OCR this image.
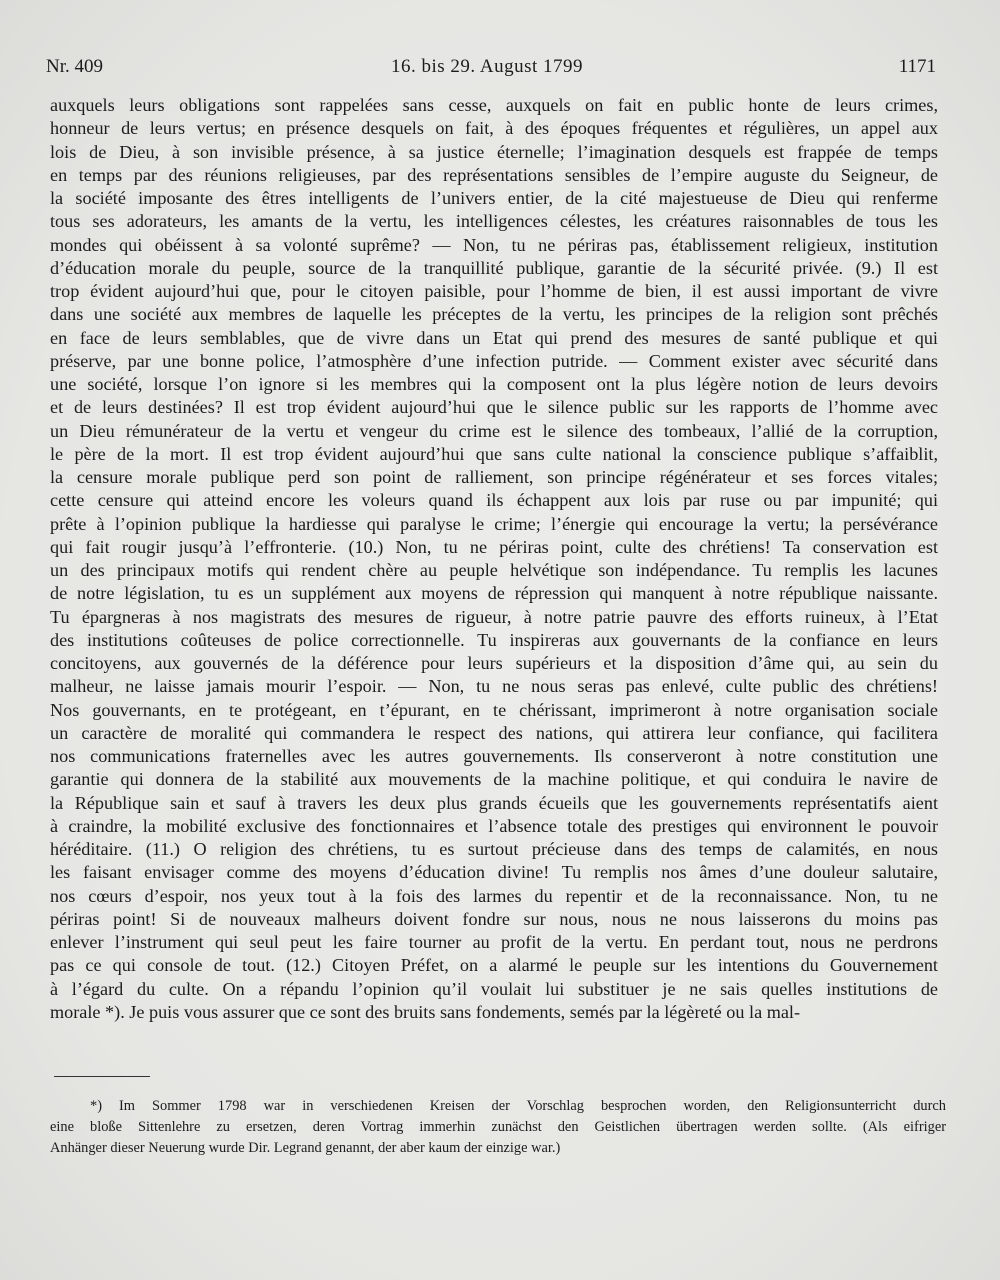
Nr. 409	16. bis 29. August 1799	1171
auxquels leurs obligations sont rappelées sans cesse, auxquels on fait en public honte de leurs crimes,
honneur de leurs vertus; en présence desquels on fait, à des époques fréquentes et régulières, un appel aux
lois de Dieu, à son invisible présence, à sa justice éternelle; l’imagination desquels est frappée de temps
en temps par des réunions religieuses, par des représentations sensibles de l’empire auguste du Seigneur, de
la société imposante des êtres intelligents de l’univers entier, de la cité majestueuse de Dieu qui renferme
tous ses adorateurs, les amants de la vertu, les intelligences célestes, les créatures raisonnables de tous les
mondes qui obéissent à sa volonté suprême? — Non, tu ne périras pas, établissement religieux, institution
d’éducation morale du peuple, source de la tranquillité publique, garantie de la sécurité privée. (9.) Il est
trop évident aujourd’hui que, pour le citoyen paisible, pour l’homme de bien, il est aussi important de vivre
dans une société aux membres de laquelle les préceptes de la vertu, les principes de la religion sont prêchés
en face de leurs semblables, que de vivre dans un Etat qui prend des mesures de santé publique et qui
préserve, par une bonne police, l’atmosphère d’une infection putride. — Comment exister avec sécurité dans
une société, lorsque l’on ignore si les membres qui la composent ont la plus légère notion de leurs devoirs
et de leurs destinées? Il est trop évident aujourd’hui que le silence public sur les rapports de l’homme avec
un Dieu rémunérateur de la vertu et vengeur du crime est le silence des tombeaux, l’allié de la corruption,
le père de la mort. Il est trop évident aujourd’hui que sans culte national la conscience publique s’affaiblit,
la censure morale publique perd son point de ralliement, son principe régénérateur et ses forces vitales;
cette censure qui atteind encore les voleurs quand ils échappent aux lois par ruse ou par impunité; qui
prête à l’opinion publique la hardiesse qui paralyse le crime; l’énergie qui encourage la vertu; la persévérance
qui fait rougir jusqu’à l’effronterie. (10.) Non, tu ne périras point, culte des chrétiens! Ta conservation est
un des principaux motifs qui rendent chère au peuple helvétique son indépendance. Tu remplis les lacunes
de notre législation, tu es un supplément aux moyens de répression qui manquent à notre république naissante.
Tu épargneras à nos magistrats des mesures de rigueur, à notre patrie pauvre des efforts ruineux, à l’Etat
des institutions coûteuses de police correctionnelle. Tu inspireras aux gouvernants de la confiance en leurs
concitoyens, aux gouvernés de la déférence pour leurs supérieurs et la disposition d’âme qui, au sein du
malheur, ne laisse jamais mourir l’espoir. — Non, tu ne nous seras pas enlevé, culte public des chrétiens!
Nos gouvernants, en te protégeant, en t’épurant, en te chérissant, imprimeront à notre organisation sociale
un caractère de moralité qui commandera le respect des nations, qui attirera leur confiance, qui facilitera
nos communications fraternelles avec les autres gouvernements. Ils conserveront à notre constitution une
garantie qui donnera de la stabilité aux mouvements de la machine politique, et qui conduira le navire de
la République sain et sauf à travers les deux plus grands écueils que les gouvernements représentatifs aient
à craindre, la mobilité exclusive des fonctionnaires et l’absence totale des prestiges qui environnent le pouvoir
héréditaire. (11.) O religion des chrétiens, tu es surtout précieuse dans des temps de calamités, en nous
les faisant envisager comme des moyens d’éducation divine! Tu remplis nos âmes d’une douleur salutaire,
nos cœurs d’espoir, nos yeux tout à la fois des larmes du repentir et de la reconnaissance. Non, tu ne
périras point! Si de nouveaux malheurs doivent fondre sur nous, nous ne nous laisserons du moins pas
enlever l’instrument qui seul peut les faire tourner au profit de la vertu. En perdant tout, nous ne perdrons
pas ce qui console de tout. (12.) Citoyen Préfet, on a alarmé le peuple sur les intentions du Gouvernement
à l’égard du culte. On a répandu l’opinion qu’il voulait lui substituer je ne sais quelles institutions de
morale *). Je puis vous assurer que ce sont des bruits sans fondements, semés par la légèreté ou la mal-
*) Im Sommer 1798 war in verschiedenen Kreisen der Vorschlag besprochen worden, den Religionsunterricht durch
eine bloße Sittenlehre zu ersetzen, deren Vortrag immerhin zunächst den Geistlichen übertragen werden sollte. (Als eifriger
Anhänger dieser Neuerung wurde Dir. Legrand genannt, der aber kaum der einzige war.)
